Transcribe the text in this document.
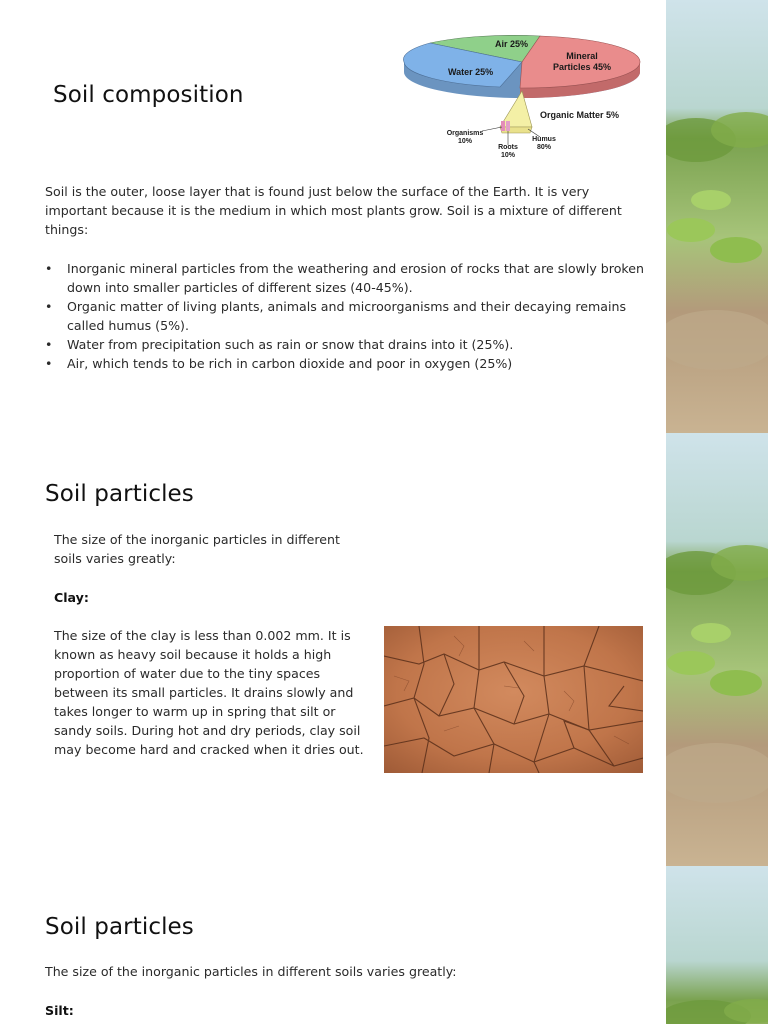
Soil composition
Air 25%
Water 25%
Mineral
Particles 45%
Organic Matter 5%
Organisms
10%
Roots
10%
Humus
80%

Soil is the outer, loose layer that is found just below the surface of the Earth. It is very important because it is the medium in which most plants grow. Soil is a mixture of different things:

• Inorganic mineral particles from the weathering and erosion of rocks that are slowly broken down into smaller particles of different sizes (40-45%).
• Organic matter of living plants, animals and microorganisms and their decaying remains called humus (5%).
• Water from precipitation such as rain or snow that drains into it (25%).
• Air, which tends to be rich in carbon dioxide and poor in oxygen (25%)
Soil particles

The size of the inorganic particles in different soils varies greatly:

Clay:

The size of the clay is less than 0.002 mm. It is known as heavy soil because it holds a high proportion of water due to the tiny spaces between its small particles. It drains slowly and takes longer to warm up in spring that silt or sandy soils. During hot and dry periods, clay soil may become hard and cracked when it dries out.

Soil particles

The size of the inorganic particles in different soils varies greatly:

Silt:
